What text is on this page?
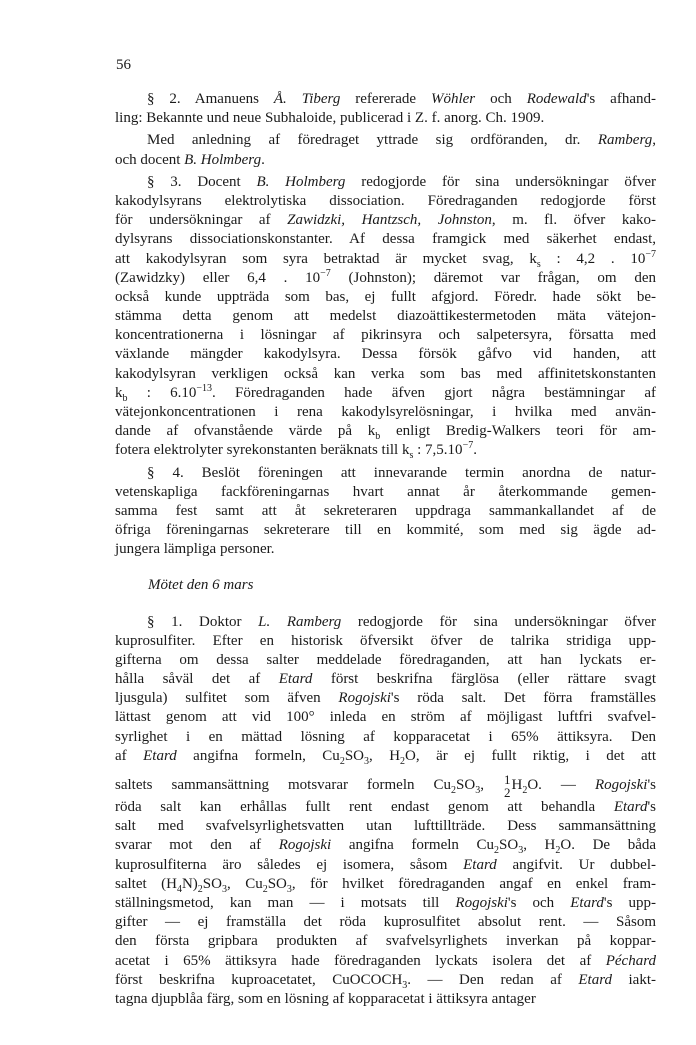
56
§ 2. Amanuens Å. Tiberg refererade Wöhler och Rodewald's afhand-
ling: Bekannte und neue Subhaloide, publicerad i Z. f. anorg. Ch. 1909.
Med anledning af föredraget yttrade sig ordföranden, dr. Ramberg,
och docent B. Holmberg.
§ 3. Docent B. Holmberg redogjorde för sina undersökningar öfver
kakodylsyrans elektrolytiska dissociation. Föredraganden redogjorde först
för undersökningar af Zawidzki, Hantzsch, Johnston, m. fl. öfver kako-
dylsyrans dissociationskonstanter. Af dessa framgick med säkerhet endast,
att kakodylsyran som syra betraktad är mycket svag, $k_s$ : 4,2 . $10^{-7}$
(Zawidzky) eller 6,4 . $10^{-7}$ (Johnston); däremot var frågan, om den
också kunde uppträda som bas, ej fullt afgjord. Föredr. hade sökt be-
stämma detta genom att medelst diazoättikestermetoden mäta vätejon-
koncentrationerna i lösningar af pikrinsyra och salpetersyra, försatta med
växlande mängder kakodylsyra. Dessa försök gåfvo vid handen, att
kakodylsyran verkligen också kan verka som bas med affinitetskonstanten
$k_b$ : $6.10^{-13}$. Föredraganden hade äfven gjort några bestämningar af
vätejonkoncentrationen i rena kakodylsyrelösningar, i hvilka med använ-
dande af ofvanstående värde på $k_b$ enligt Bredig-Walkers teori för am-
fotera elektrolyter syrekonstanten beräknats till $k_s$ : $7,5.10^{-7}$.
§ 4. Beslöt föreningen att innevarande termin anordna de natur-
vetenskapliga fackföreningarnas hvart annat år återkommande gemen-
samma fest samt att åt sekreteraren uppdraga sammankallandet af de
öfriga föreningarnas sekreterare till en kommité, som med sig ägde ad-
jungera lämpliga personer.
Mötet den 6 mars
§ 1. Doktor L. Ramberg redogjorde för sina undersökningar öfver
kuprosulfiter. Efter en historisk öfversikt öfver de talrika stridiga upp-
gifterna om dessa salter meddelade föredraganden, att han lyckats er-
hålla såväl det af Etard först beskrifna färglösa (eller rättare svagt
ljusgula) sulfitet som äfven Rogojski's röda salt. Det förra framställes
lättast genom att vid 100° inleda en ström af möjligast luftfri svafvel-
syrlighet i en mättad lösning af kopparacetat i 65% ättiksyra. Den
af Etard angifna formeln, $Cu_2SO_3$, $H_2O$, är ej fullt riktig, i det att
saltets sammansättning motsvarar formeln $Cu_2SO_3$, 1
2 $H_2O$. — Rogojski's
röda salt kan erhållas fullt rent endast genom att behandla Etard's
salt med svafvelsyrlighetsvatten utan lufttillträde. Dess sammansättning
svarar mot den af Rogojski angifna formeln $Cu_2SO_3$, $H_2O$. De båda
kuprosulfiterna äro således ej isomera, såsom Etard angifvit. Ur dubbel-
saltet $(H_4N)_2SO_3$, $Cu_2SO_3$, för hvilket föredraganden angaf en enkel fram-
ställningsmetod, kan man — i motsats till Rogojski's och Etard's upp-
gifter — ej framställa det röda kuprosulfitet absolut rent. — Såsom
den första gripbara produkten af svafvelsyrlighets inverkan på koppar-
acetat i 65% ättiksyra hade föredraganden lyckats isolera det af Péchard
först beskrifna kuproacetatet, CuOCOCH$_3$. — Den redan af Etard iakt-
tagna djupblåa färg, som en lösning af kopparacetat i ättiksyra antager
